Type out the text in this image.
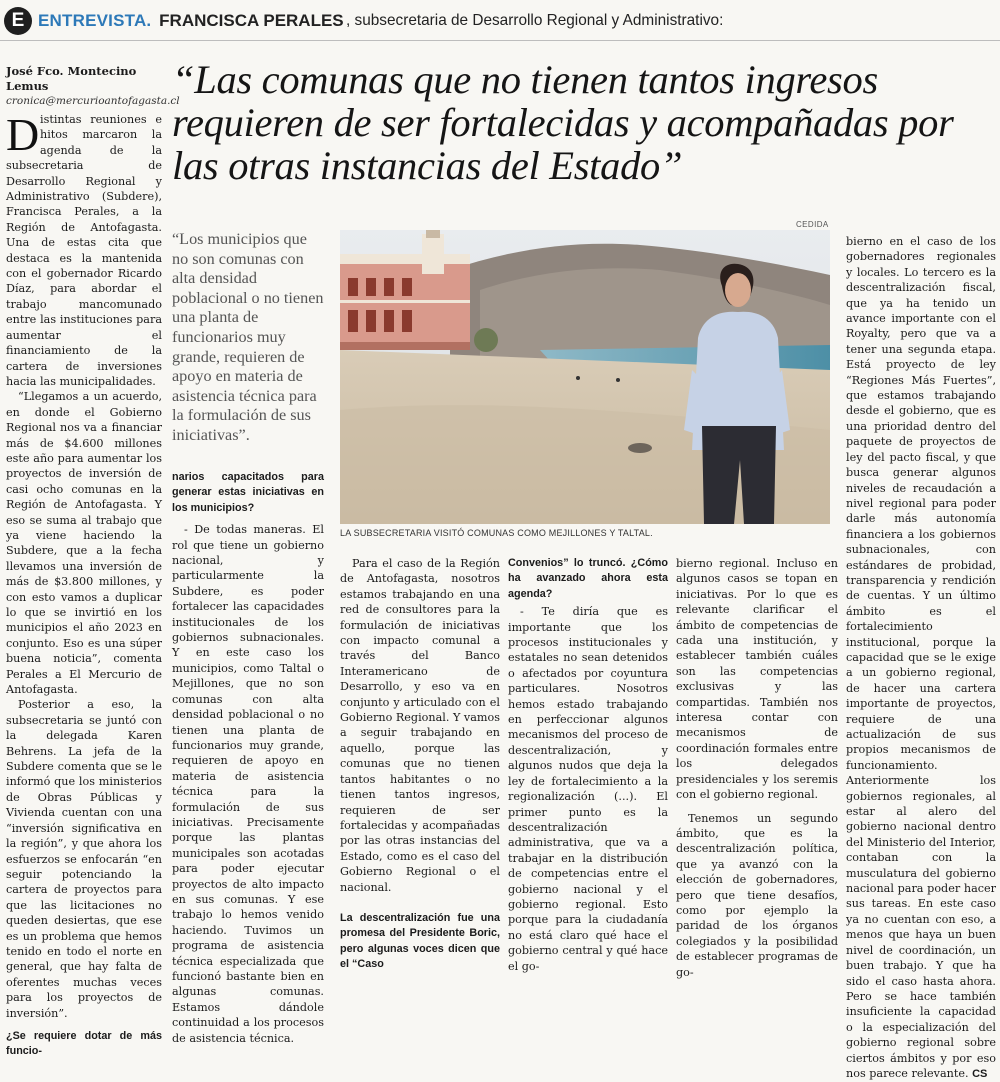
E ENTREVISTA . FRANCISCA PERALES , subsecretaria de Desarrollo Regional y Administrativo:
José Fco. Montecino Lemus
cronica@mercurioantofagasta.cl
“Las comunas que no tienen tantos ingresos requieren de ser fortalecidas y acompañadas por las otras instancias del Estado”

Distintas reuniones e hitos marcaron la agenda de la subsecretaria de Desarrollo Regional y Administrativo (Subdere), Francisca Perales, a la Región de Antofagasta. Una de estas cita que destaca es la mantenida con el gobernador Ricardo Díaz, para abordar el trabajo mancomunado entre las instituciones para aumentar el financiamiento de la cartera de inversiones hacia las municipalidades.

“Llegamos a un acuerdo, en donde el Gobierno Regional nos va a financiar más de $4.600 millones este año para aumentar los proyectos de inversión de casi ocho comunas en la Región de Antofagasta. Y eso se suma al trabajo que ya viene haciendo la Subdere, que a la fecha llevamos una inversión de más de $3.800 millones, y con esto vamos a duplicar lo que se invirtió en los municipios el año 2023 en conjunto. Eso es una súper buena noticia”, comenta Perales a El Mercurio de Antofagasta.

Posterior a eso, la subsecretaria se juntó con la delegada Karen Behrens. La jefa de la Subdere comenta que se le informó que los ministerios de Obras Públicas y Vivienda cuentan con una “inversión significativa en la región”, y que ahora los esfuerzos se enfocarán “en seguir potenciando la cartera de proyectos para que las licitaciones no queden desiertas, que ese es un problema que hemos tenido en todo el norte en general, que hay falta de oferentes muchas veces para los proyectos de inversión”.

¿Se requiere dotar de más funcio-

“Los municipios que no son comunas con alta densidad poblacional o no tienen una planta de funcionarios muy grande, requieren de apoyo en materia de asistencia técnica para la formulación de sus iniciativas”.

narios capacitados para generar estas iniciativas en los municipios?

- De todas maneras. El rol que tiene un gobierno nacional, y particularmente la Subdere, es poder fortalecer las capacidades institucionales de los gobiernos subnacionales. Y en este caso los municipios, como Taltal o Mejillones, que no son comunas con alta densidad poblacional o no tienen una planta de funcionarios muy grande, requieren de apoyo en materia de asistencia técnica para la formulación de sus iniciativas. Precisamente porque las plantas municipales son acotadas para poder ejecutar proyectos de alto impacto en sus comunas. Y ese trabajo lo hemos venido haciendo. Tuvimos un programa de asistencia técnica especializada que funcionó bastante bien en algunas comunas. Estamos dándole continuidad a los procesos de asistencia técnica.

CEDIDA
LA SUBSECRETARIA VISITÓ COMUNAS COMO MEJILLONES Y TALTAL.

Para el caso de la Región de Antofagasta, nosotros estamos trabajando en una red de consultores para la formulación de iniciativas con impacto comunal a través del Banco Interamericano de Desarrollo, y eso va en conjunto y articulado con el Gobierno Regional. Y vamos a seguir trabajando en aquello, porque las comunas que no tienen tantos habitantes o no tienen tantos ingresos, requieren de ser fortalecidas y acompañadas por las otras instancias del Estado, como es el caso del Gobierno Regional o el nacional.

La descentralización fue una promesa del Presidente Boric, pero algunas voces dicen que el “Caso

Convenios” lo truncó. ¿Cómo ha avanzado ahora esta agenda?

- Te diría que es importante que los procesos institucionales y estatales no sean detenidos o afectados por coyuntura particulares. Nosotros hemos estado trabajando en perfeccionar algunos mecanismos del proceso de descentralización, y algunos nudos que deja la ley de fortalecimiento a la regionalización (...). El primer punto es la descentralización administrativa, que va a trabajar en la distribución de competencias entre el gobierno nacional y el gobierno regional. Esto porque para la ciudadanía no está claro qué hace el gobierno central y qué hace el go-

bierno regional. Incluso en algunos casos se topan en iniciativas. Por lo que es relevante clarificar el ámbito de competencias de cada una institución, y establecer también cuáles son las competencias exclusivas y las compartidas. También nos interesa contar con mecanismos de coordinación formales entre los delegados presidenciales y los seremis con el gobierno regional.

Tenemos un segundo ámbito, que es la descentralización política, que ya avanzó con la elección de gobernadores, pero que tiene desafíos, como por ejemplo la paridad de los órganos colegiados y la posibilidad de establecer programas de go-

bierno en el caso de los gobernadores regionales y locales. Lo tercero es la descentralización fiscal, que ya ha tenido un avance importante con el Royalty, pero que va a tener una segunda etapa. Está proyecto de ley “Regiones Más Fuertes”, que estamos trabajando desde el gobierno, que es una prioridad dentro del paquete de proyectos de ley del pacto fiscal, y que busca generar algunos niveles de recaudación a nivel regional para poder darle más autonomía financiera a los gobiernos subnacionales, con estándares de probidad, transparencia y rendición de cuentas. Y un último ámbito es el fortalecimiento institucional, porque la capacidad que se le exige a un gobierno regional, de hacer una cartera importante de proyectos, requiere de una actualización de sus propios mecanismos de funcionamiento. Anteriormente los gobiernos regionales, al estar al alero del gobierno nacional dentro del Ministerio del Interior, contaban con la musculatura del gobierno nacional para poder hacer sus tareas. En este caso ya no cuentan con eso, a menos que haya un buen nivel de coordinación, un buen trabajo. Y que ha sido el caso hasta ahora. Pero se hace también insuficiente la capacidad o la especialización del gobierno regional sobre ciertos ámbitos y por eso nos parece relevante. CS
